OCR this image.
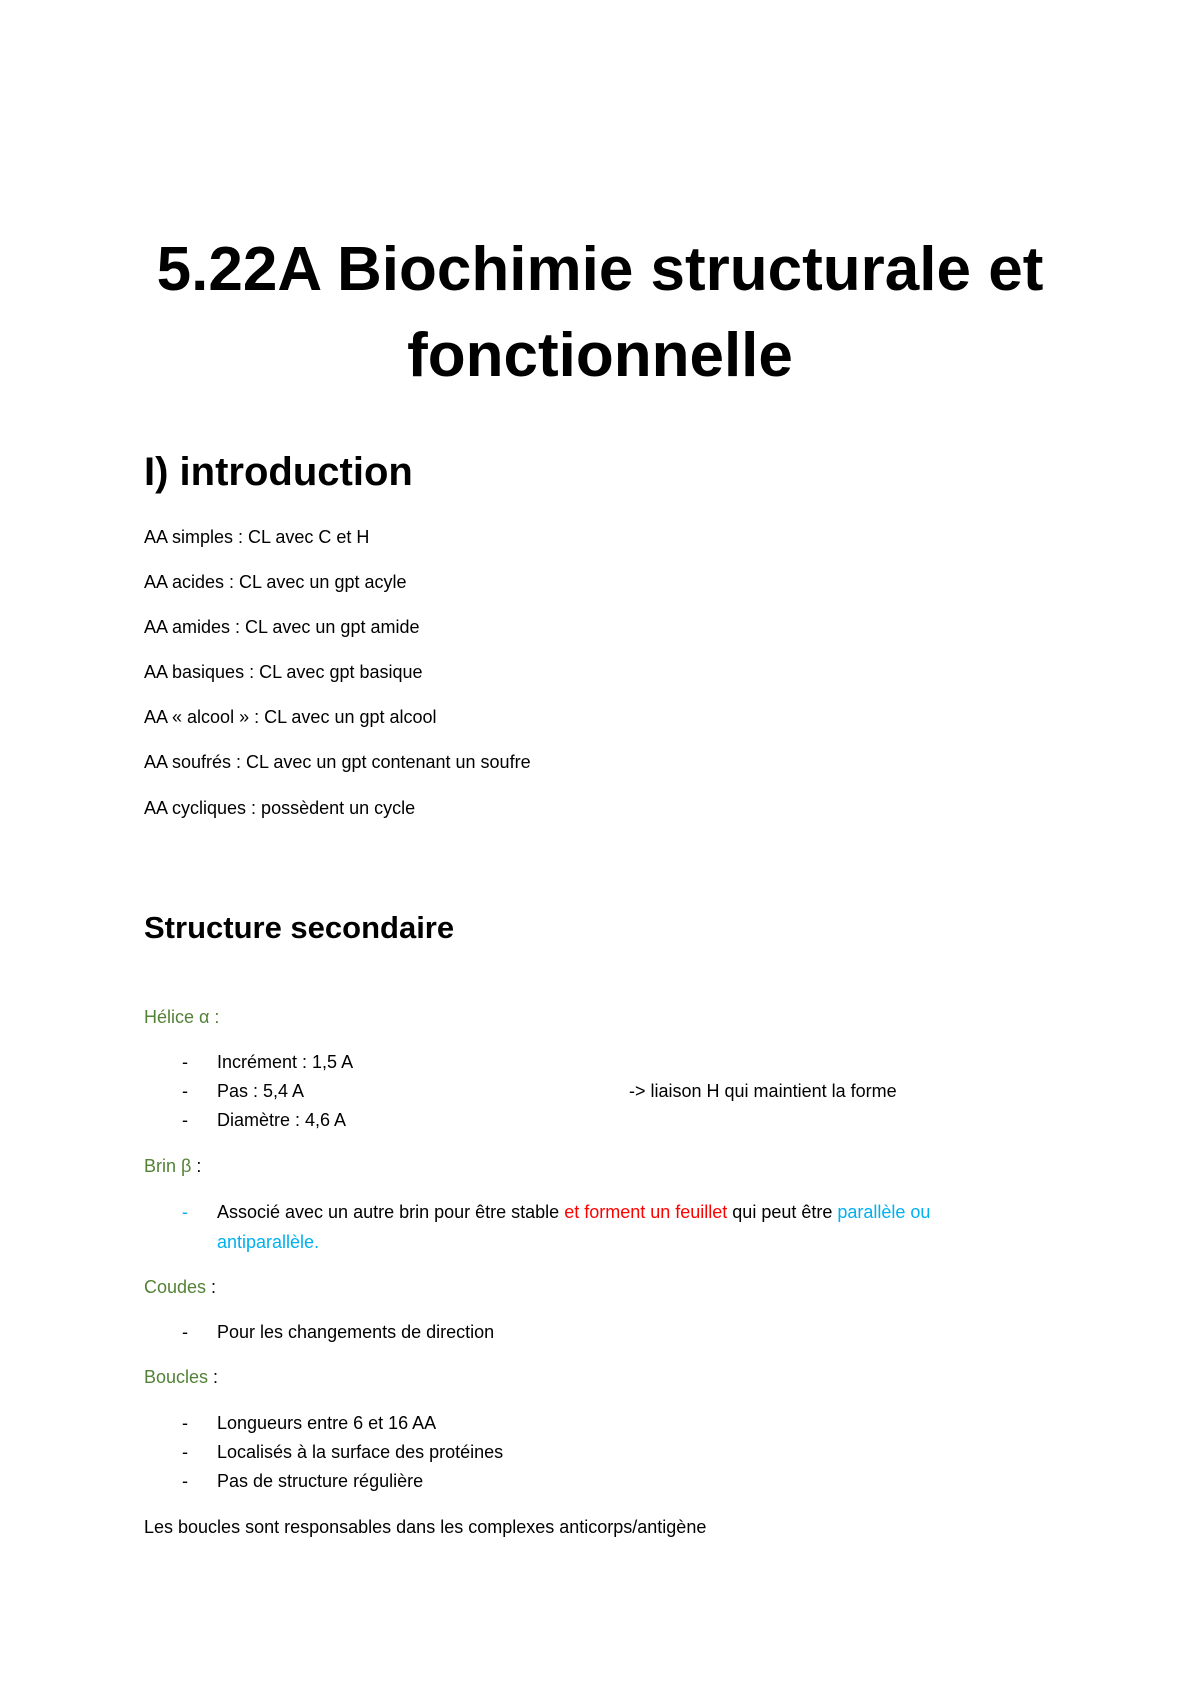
5.22A Biochimie structurale et
fonctionnelle
I) introduction
AA simples : CL avec C et H
AA acides : CL avec un gpt acyle
AA amides : CL avec un gpt amide
AA basiques : CL avec gpt basique
AA « alcool » : CL avec un gpt alcool
AA soufrés : CL avec un gpt contenant un soufre
AA cycliques : possèdent un cycle
Structure secondaire
Hélice α :
- Incrément : 1,5 A
- Pas : 5,4 A	-> liaison H qui maintient la forme
- Diamètre : 4,6 A
Brin β :
- Associé avec un autre brin pour être stable et forment un feuillet qui peut être parallèle ou
antiparallèle.
Coudes :
- Pour les changements de direction
Boucles :
- Longueurs entre 6 et 16 AA
- Localisés à la surface des protéines
- Pas de structure régulière
Les boucles sont responsables dans les complexes anticorps/antigène
